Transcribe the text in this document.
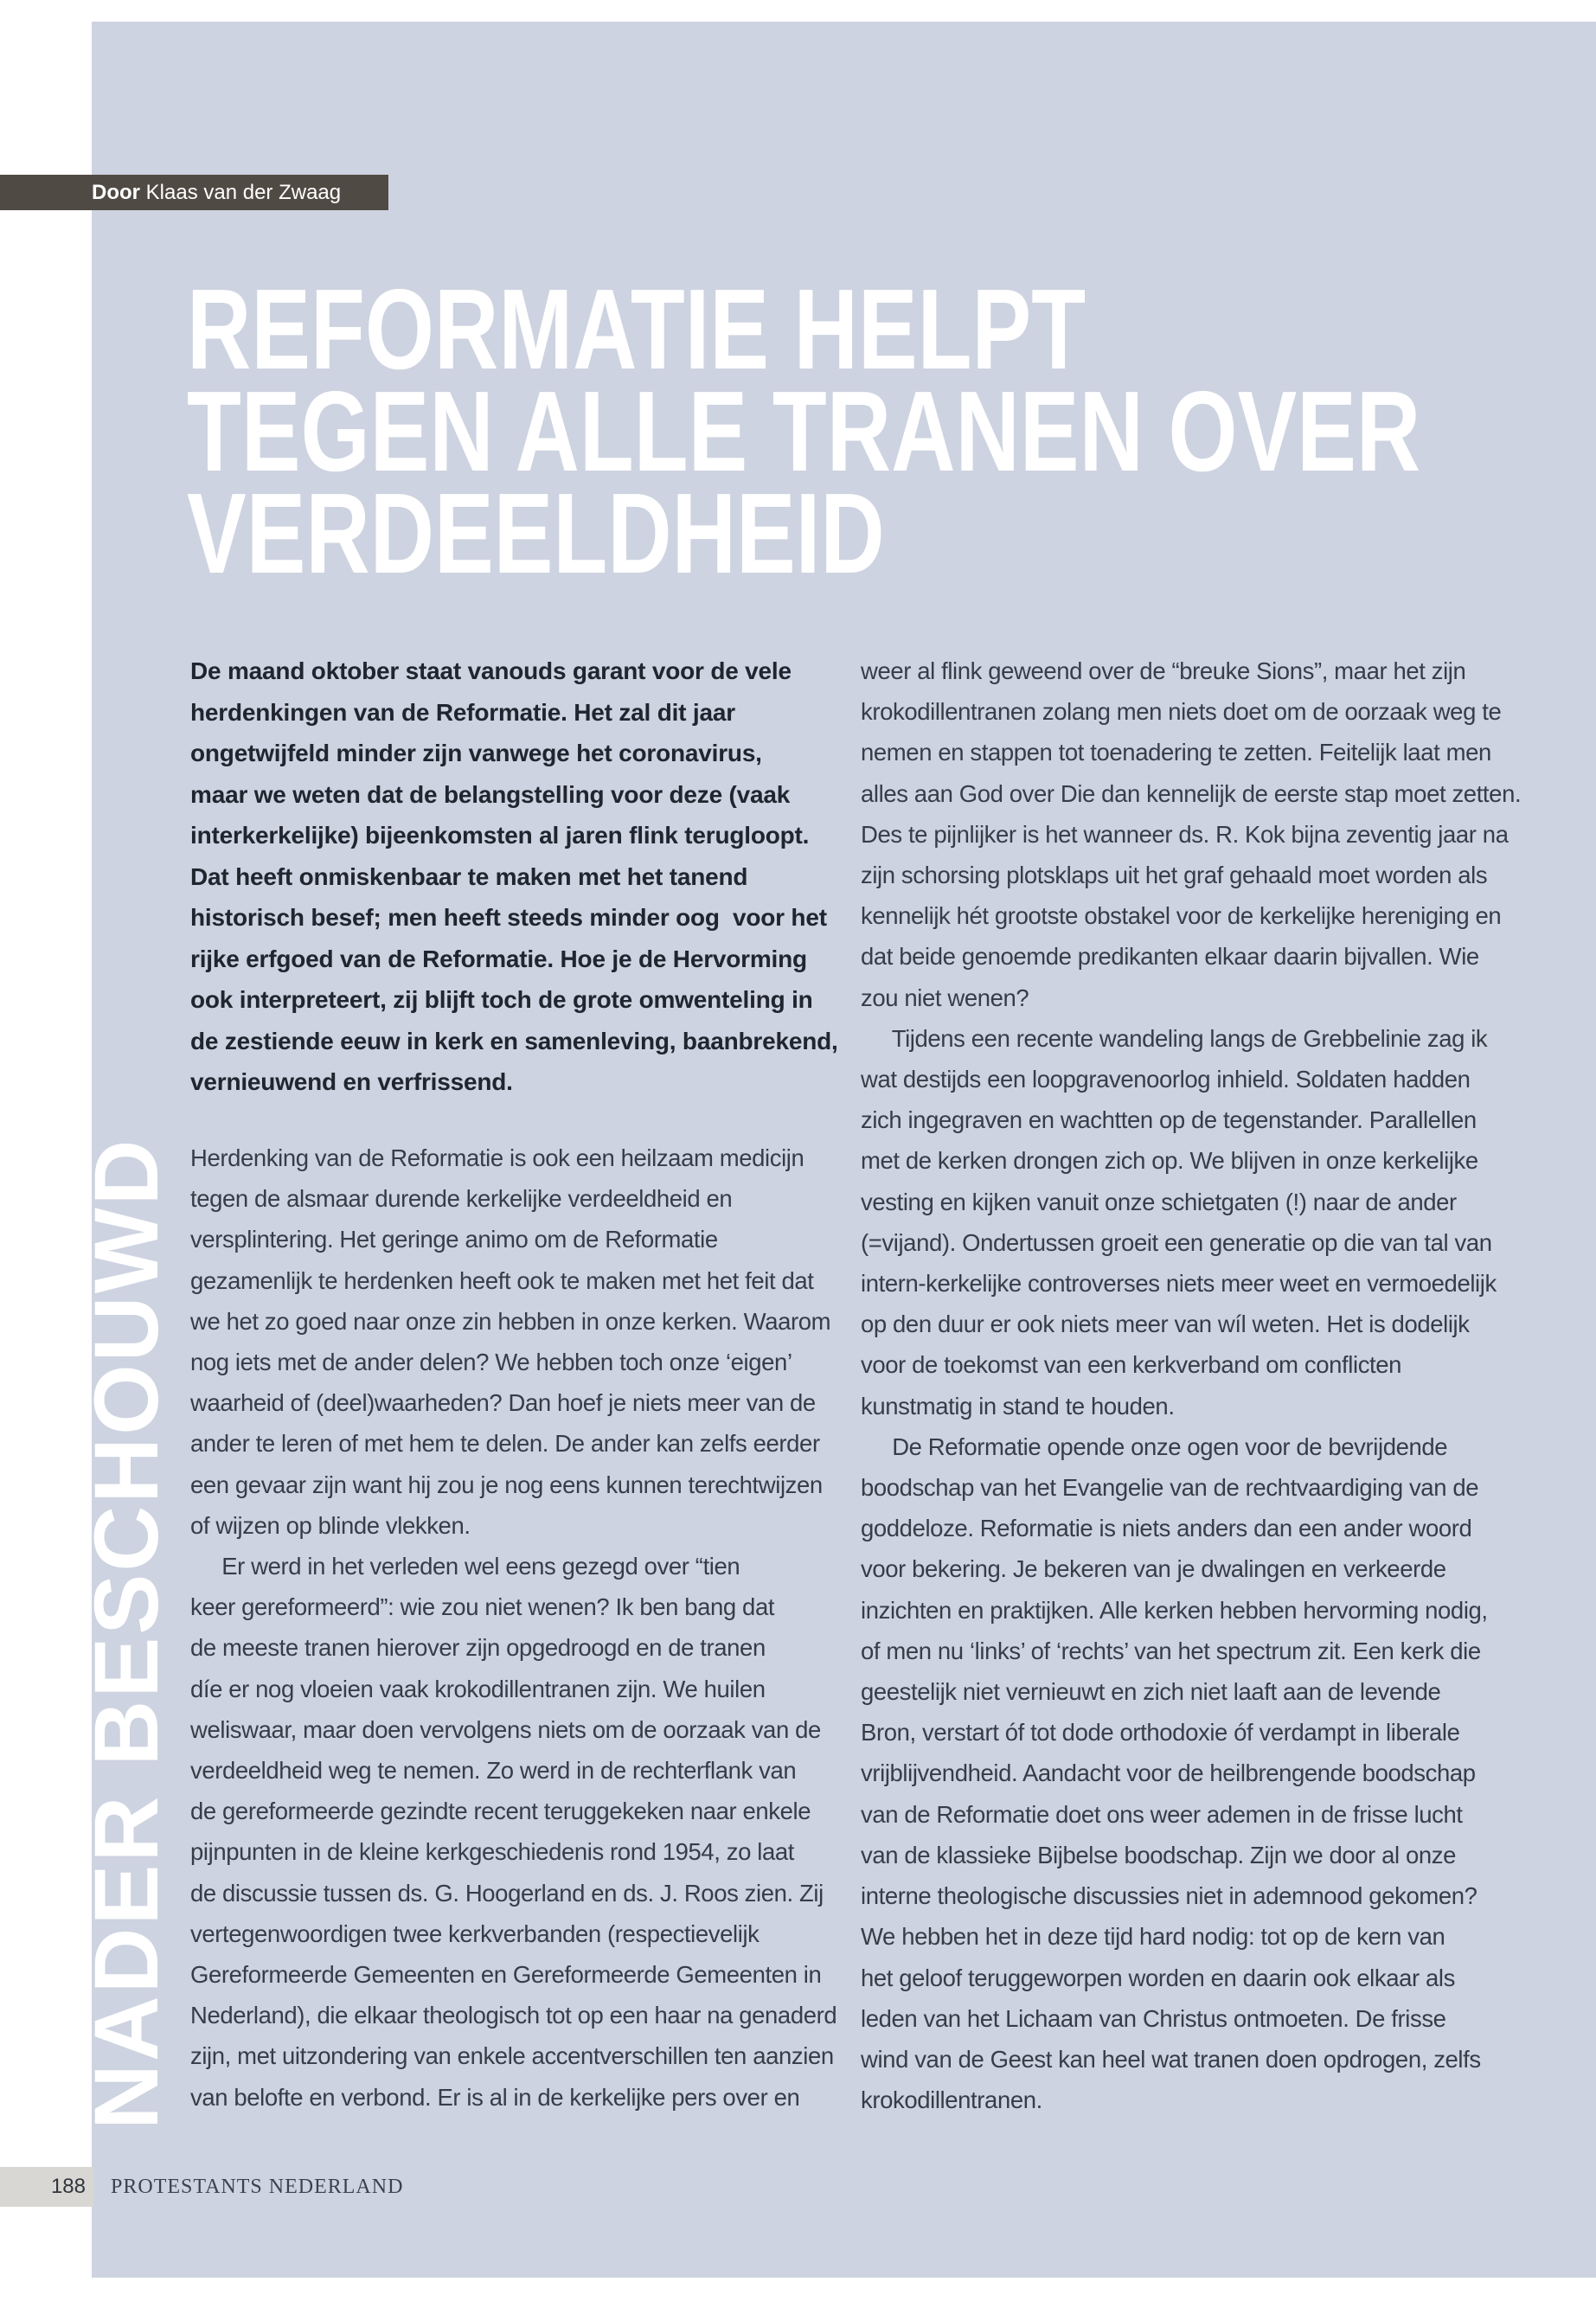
Door Klaas van der Zwaag
REFORMATIE HELPT
TEGEN ALLE TRANEN OVER
VERDEELDHEID
NADER BESCHOUWD
De maand oktober staat vanouds garant voor de vele
herdenkingen van de Reformatie. Het zal dit jaar
ongetwijfeld minder zijn vanwege het coronavirus,
maar we weten dat de belangstelling voor deze (vaak
interkerkelijke) bijeenkomsten al jaren flink terugloopt.
Dat heeft onmiskenbaar te maken met het tanend
historisch besef; men heeft steeds minder oog  voor het
rijke erfgoed van de Reformatie. Hoe je de Hervorming
ook interpreteert, zij blijft toch de grote omwenteling in
de zestiende eeuw in kerk en samenleving, baanbrekend,
vernieuwend en verfrissend.
Herdenking van de Reformatie is ook een heilzaam medicijn
tegen de alsmaar durende kerkelijke verdeeldheid en
versplintering. Het geringe animo om de Reformatie
gezamenlijk te herdenken heeft ook te maken met het feit dat
we het zo goed naar onze zin hebben in onze kerken. Waarom
nog iets met de ander delen? We hebben toch onze ‘eigen’
waarheid of (deel)waarheden? Dan hoef je niets meer van de
ander te leren of met hem te delen. De ander kan zelfs eerder
een gevaar zijn want hij zou je nog eens kunnen terechtwijzen
of wijzen op blinde vlekken.
Er werd in het verleden wel eens gezegd over “tien
keer gereformeerd”: wie zou niet wenen? Ik ben bang dat
de meeste tranen hierover zijn opgedroogd en de tranen
díe er nog vloeien vaak krokodillentranen zijn. We huilen
weliswaar, maar doen vervolgens niets om de oorzaak van de
verdeeldheid weg te nemen. Zo werd in de rechterflank van
de gereformeerde gezindte recent teruggekeken naar enkele
pijnpunten in de kleine kerkgeschiedenis rond 1954, zo laat
de discussie tussen ds. G. Hoogerland en ds. J. Roos zien. Zij
vertegenwoordigen twee kerkverbanden (respectievelijk
Gereformeerde Gemeenten en Gereformeerde Gemeenten in
Nederland), die elkaar theologisch tot op een haar na genaderd
zijn, met uitzondering van enkele accentverschillen ten aanzien
van belofte en verbond. Er is al in de kerkelijke pers over en
weer al flink geweend over de “breuke Sions”, maar het zijn
krokodillentranen zolang men niets doet om de oorzaak weg te
nemen en stappen tot toenadering te zetten. Feitelijk laat men
alles aan God over Die dan kennelijk de eerste stap moet zetten.
Des te pijnlijker is het wanneer ds. R. Kok bijna zeventig jaar na
zijn schorsing plotsklaps uit het graf gehaald moet worden als
kennelijk hét grootste obstakel voor de kerkelijke hereniging en
dat beide genoemde predikanten elkaar daarin bijvallen. Wie
zou niet wenen?
Tijdens een recente wandeling langs de Grebbelinie zag ik
wat destijds een loopgravenoorlog inhield. Soldaten hadden
zich ingegraven en wachtten op de tegenstander. Parallellen
met de kerken drongen zich op. We blijven in onze kerkelijke
vesting en kijken vanuit onze schietgaten (!) naar de ander
(=vijand). Ondertussen groeit een generatie op die van tal van
intern-kerkelijke controverses niets meer weet en vermoedelijk
op den duur er ook niets meer van wíl weten. Het is dodelijk
voor de toekomst van een kerkverband om conflicten
kunstmatig in stand te houden.
De Reformatie opende onze ogen voor de bevrijdende
boodschap van het Evangelie van de rechtvaardiging van de
goddeloze. Reformatie is niets anders dan een ander woord
voor bekering. Je bekeren van je dwalingen en verkeerde
inzichten en praktijken. Alle kerken hebben hervorming nodig,
of men nu ‘links’ of ‘rechts’ van het spectrum zit. Een kerk die
geestelijk niet vernieuwt en zich niet laaft aan de levende
Bron, verstart óf tot dode orthodoxie óf verdampt in liberale
vrijblijvendheid. Aandacht voor de heilbrengende boodschap
van de Reformatie doet ons weer ademen in de frisse lucht
van de klassieke Bijbelse boodschap. Zijn we door al onze
interne theologische discussies niet in ademnood gekomen?
We hebben het in deze tijd hard nodig: tot op de kern van
het geloof teruggeworpen worden en daarin ook elkaar als
leden van het Lichaam van Christus ontmoeten. De frisse
wind van de Geest kan heel wat tranen doen opdrogen, zelfs
krokodillentranen.
188	PROTESTANTS NEDERLAND
